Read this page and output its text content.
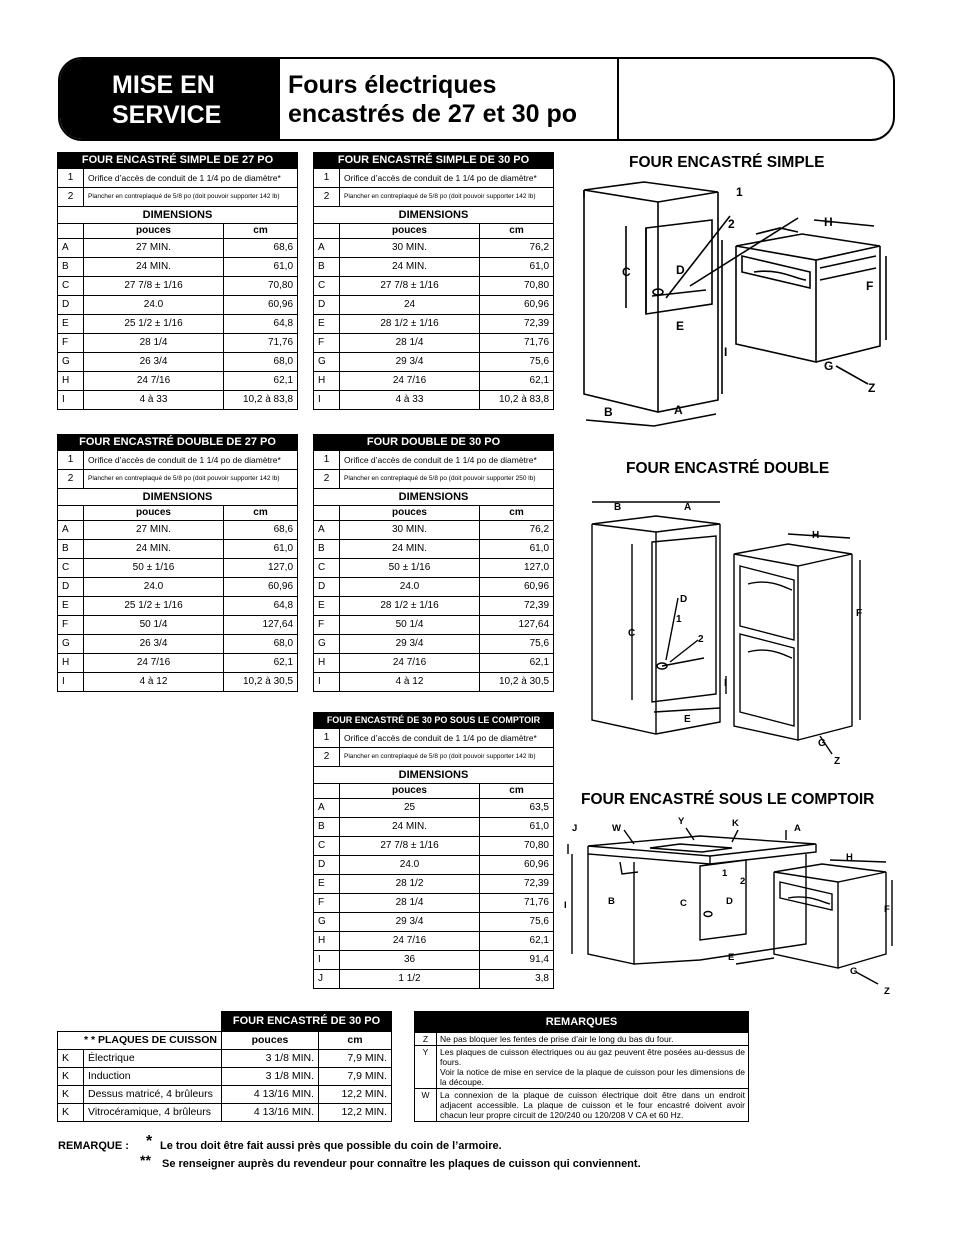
MISE EN
SERVICE
Fours électriques
encastrés de 27 et 30 po
FOUR ENCASTRÉ SIMPLE DE 27 PO		
1	Orifice d’accès de conduit de 1 1/4 po de diamètre*	
2	Plancher en contreplaqué de 5/8 po (doit pouvoir supporter 142 lb)	
DIMENSIONS		
	pouces	cm
A	27 MIN.	68,6
B	24 MIN.	61,0
C	27 7/8 ± 1/16	70,80
D	24.0	60,96
E	25 1/2 ± 1/16	64,8
F	28 1/4	71,76
G	26 3/4	68,0
H	24 7/16	62,1
I	4 à 33	10,2 à 83,8
FOUR ENCASTRÉ SIMPLE DE 30 PO		
1	Orifice d’accès de conduit de 1 1/4 po de diamètre*	
2	Plancher en contreplaqué de 5/8 po (doit pouvoir supporter 142 lb)	
DIMENSIONS		
	pouces	cm
A	30 MIN.	76,2
B	24 MIN.	61,0
C	27 7/8 ± 1/16	70,80
D	24	60,96
E	28 1/2 ± 1/16	72,39
F	28 1/4	71,76
G	29 3/4	75,6
H	24 7/16	62,1
I	4 à 33	10,2 à 83,8
FOUR ENCASTRÉ DOUBLE DE 27 PO		
1	Orifice d’accès de conduit de 1 1/4 po de diamètre*	
2	Plancher en contreplaqué de 5/8 po (doit pouvoir supporter 142 lb)	
DIMENSIONS		
	pouces	cm
A	27 MIN.	68,6
B	24 MIN.	61,0
C	50 ± 1/16	127,0
D	24.0	60,96
E	25 1/2 ± 1/16	64,8
F	50 1/4	127,64
G	26 3/4	68,0
H	24 7/16	62,1
I	4 à 12	10,2 à 30,5
FOUR DOUBLE DE 30 PO		
1	Orifice d’accès de conduit de 1 1/4 po de diamètre*	
2	Plancher en contreplaqué de 5/8 po (doit pouvoir supporter 250 lb)	
DIMENSIONS		
	pouces	cm
A	30 MIN.	76,2
B	24 MIN.	61,0
C	50 ± 1/16	127,0
D	24.0	60,96
E	28 1/2 ± 1/16	72,39
F	50 1/4	127,64
G	29 3/4	75,6
H	24 7/16	62,1
I	4 à 12	10,2 à 30,5
FOUR ENCASTRÉ DE 30 PO SOUS LE COMPTOIR		
1	Orifice d’accès de conduit de 1 1/4 po de diamètre*	
2	Plancher en contreplaqué de 5/8 po (doit pouvoir supporter 142 lb)	
DIMENSIONS		
	pouces	cm
A	25	63,5
B	24 MIN.	61,0
C	27 7/8 ± 1/16	70,80
D	24.0	60,96
E	28 1/2	72,39
F	28 1/4	71,76
G	29 3/4	75,6
H	24 7/16	62,1
I	36	91,4
J	1 1/2	3,8
FOUR ENCASTRÉ SIMPLE
1
2	H
C	D
F
E
I
G
Z
B	A
FOUR ENCASTRÉ DOUBLE
B	A
H
D
C
1
2
F
I
E
G
Z
FOUR ENCASTRÉ SOUS LE COMPTOIR
J	W
Y	K	A
H
I	B
1
2
C	D
F
E
G
Z
		FOUR ENCASTRÉ DE 30 PO	
* * PLAQUES DE CUISSON		pouces	cm
K	Électrique	3 1/8 MIN.	7,9 MIN.
K	Induction	3 1/8 MIN.	7,9 MIN.
K	Dessus matricé, 4 brûleurs	4 13/16 MIN.	12,2 MIN.
K	Vitrocéramique, 4 brûleurs	4 13/16 MIN.	12,2 MIN.
REMARQUES	
Z	Ne pas bloquer les fentes de prise d’air le long du bas du four.
Y	Les plaques de cuisson électriques ou au gaz peuvent être posées au-dessus de fours.
Voir la notice de mise en service de la plaque de cuisson pour les dimensions de la découpe.

W	La connexion de la plaque de cuisson électrique doit être dans un endroit adjacent accessible. La plaque de cuisson et le four encastré doivent avoir chacun leur propre circuit de 120/240 ou 120/208 V CA et 60 Hz.
REMARQUE : * Le trou doit être fait aussi près que possible du coin de l’armoire.
** Se renseigner auprès du revendeur pour connaître les plaques de cuisson qui conviennent.
